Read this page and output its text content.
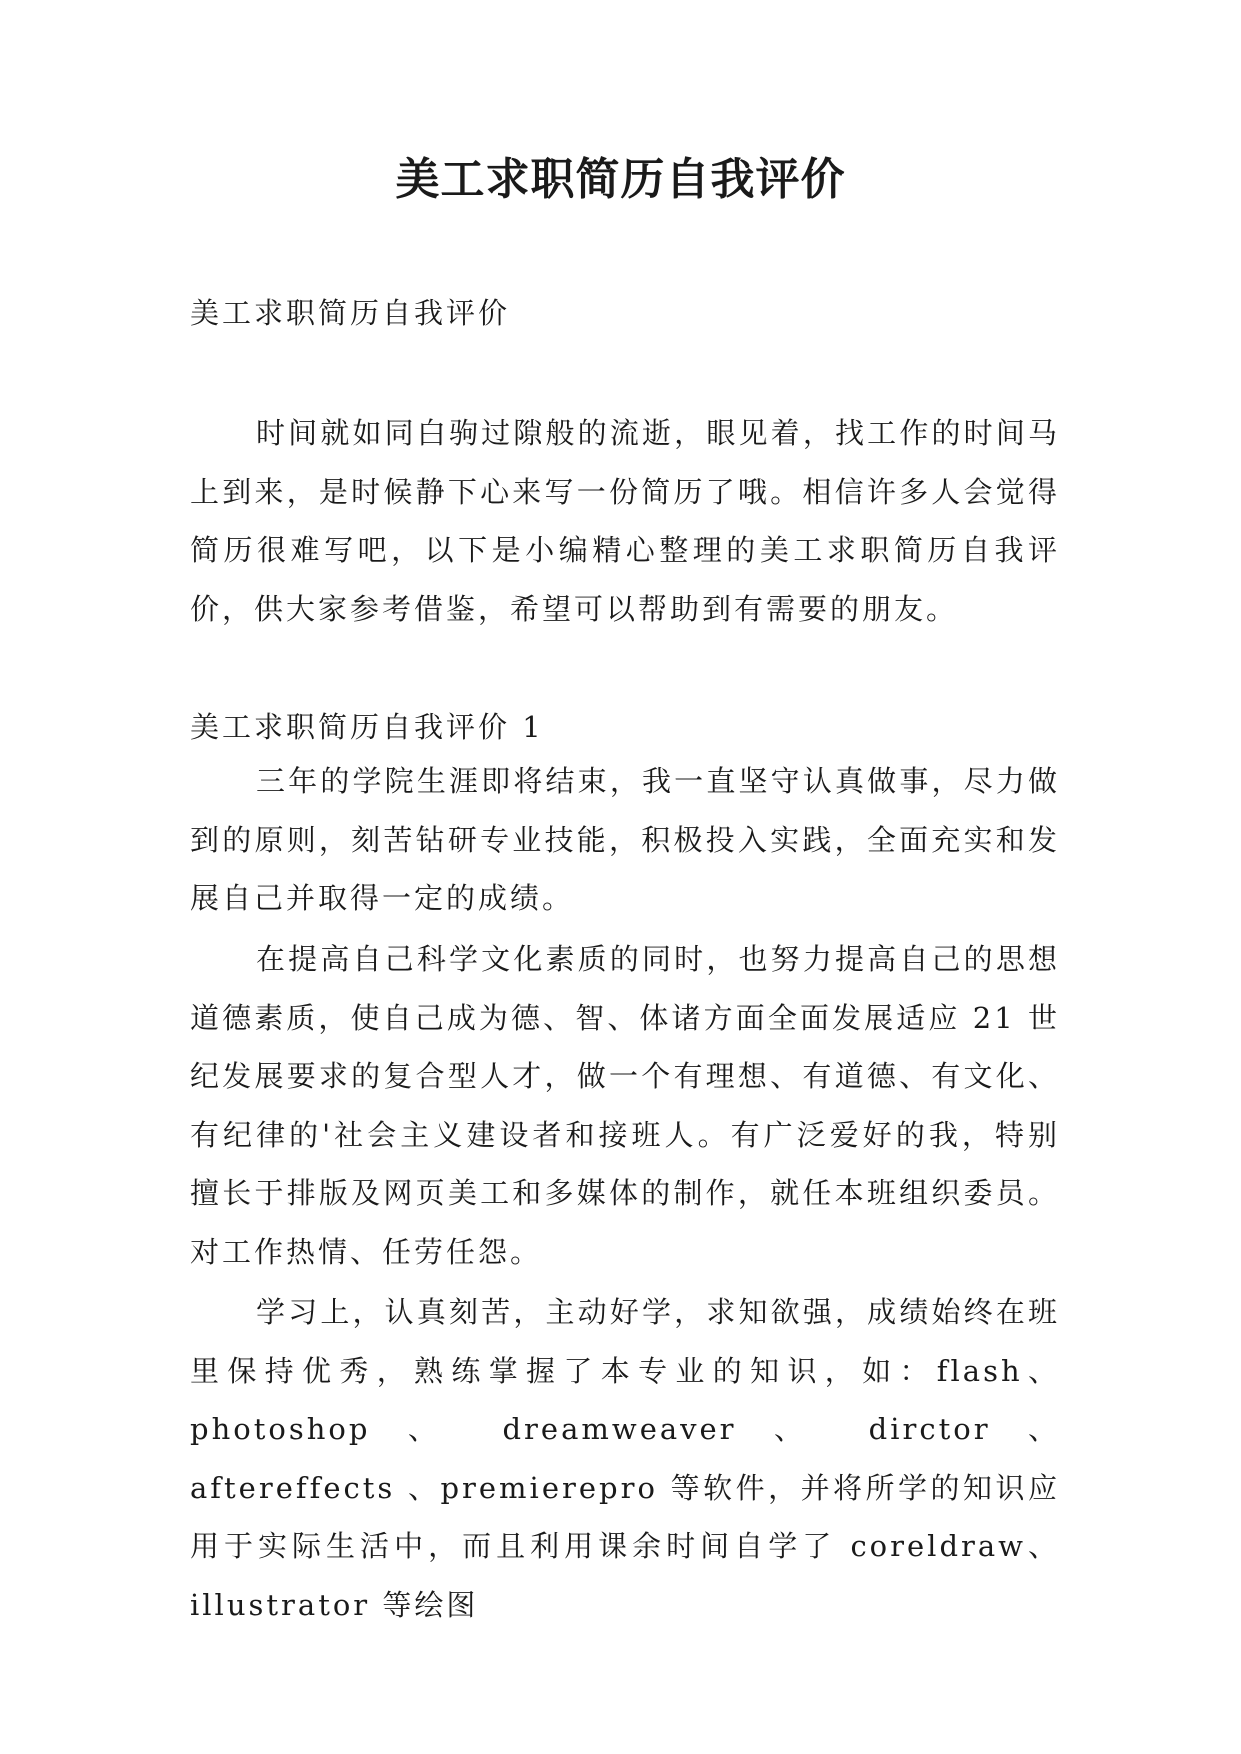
美工求职简历自我评价

美工求职简历自我评价

时间就如同白驹过隙般的流逝，眼见着，找工作的时间马上到来，是时候静下心来写一份简历了哦。相信许多人会觉得简历很难写吧，以下是小编精心整理的美工求职简历自我评价，供大家参考借鉴，希望可以帮助到有需要的朋友。

美工求职简历自我评价 1

三年的学院生涯即将结束，我一直坚守认真做事，尽力做到的原则，刻苦钻研专业技能，积极投入实践，全面充实和发展自己并取得一定的成绩。

在提高自己科学文化素质的同时，也努力提高自己的思想道德素质，使自己成为德、智、体诸方面全面发展适应 21 世纪发展要求的复合型人才，做一个有理想、有道德、有文化、有纪律的'社会主义建设者和接班人。有广泛爱好的我，特别擅长于排版及网页美工和多媒体的制作，就任本班组织委员。对工作热情、任劳任怨。

学习上，认真刻苦，主动好学，求知欲强，成绩始终在班里保持优秀，熟练掌握了本专业的知识，如：flash、photoshop 、 dreamweaver 、 dirctor 、 aftereffects 、premierepro 等软件，并将所学的知识应用于实际生活中，而且利用课余时间自学了 coreldraw、illustrator 等绘图
